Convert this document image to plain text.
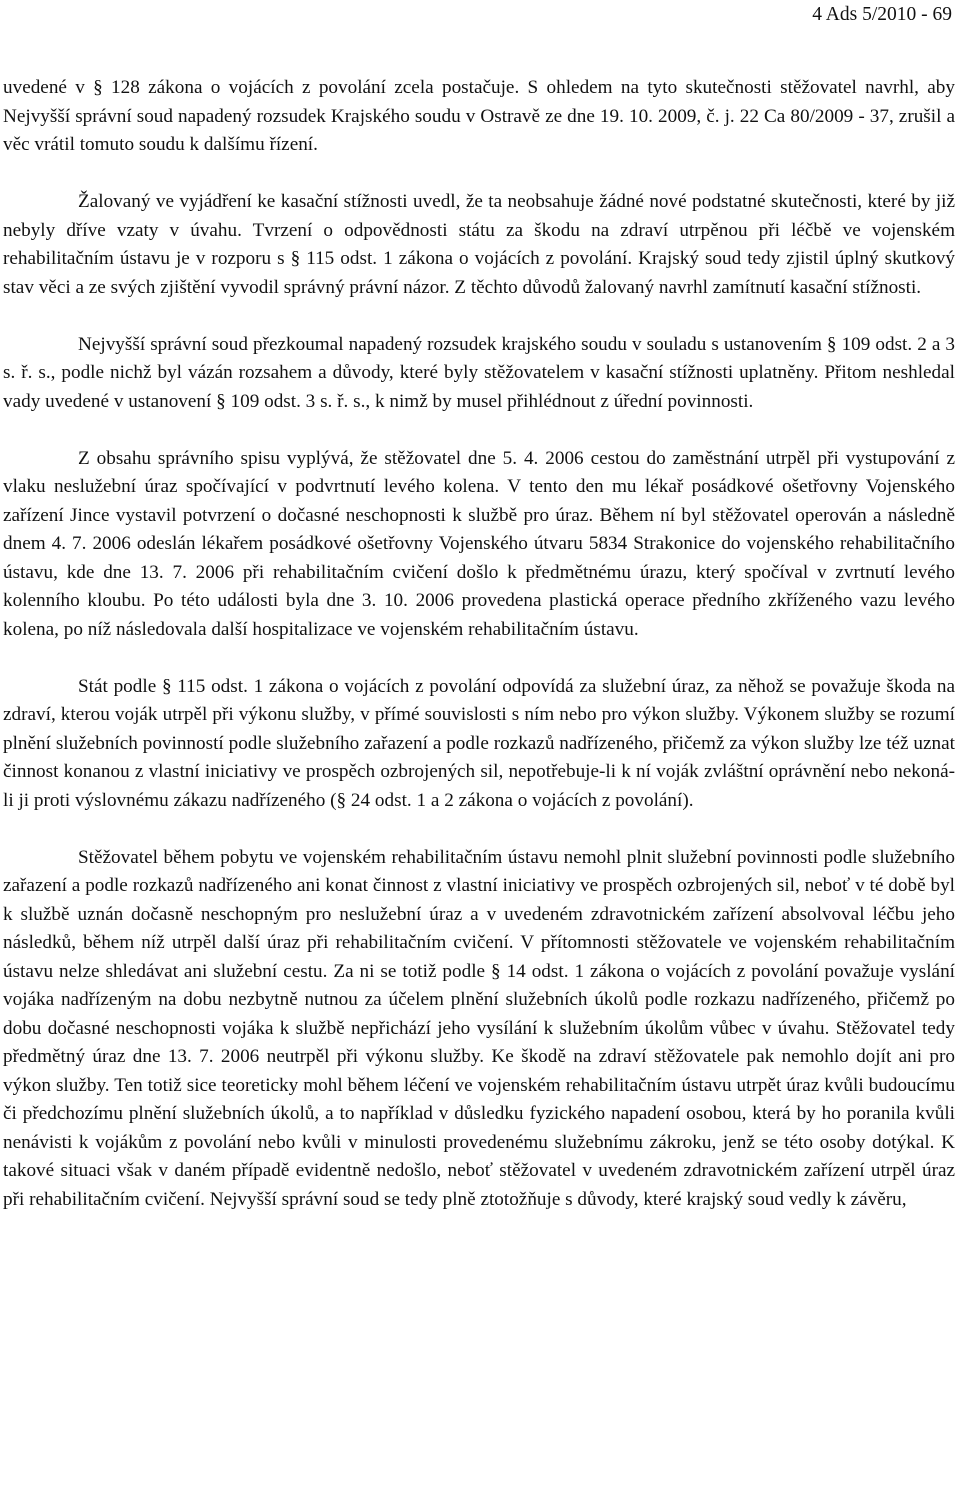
4 Ads 5/2010 - 69

uvedené v § 128 zákona o vojácích z povolání zcela postačuje. S ohledem na tyto skutečnosti stěžovatel navrhl, aby Nejvyšší správní soud napadený rozsudek Krajského soudu v Ostravě ze dne 19. 10. 2009, č. j. 22 Ca 80/2009 - 37, zrušil a věc vrátil tomuto soudu k dalšímu řízení.

Žalovaný ve vyjádření ke kasační stížnosti uvedl, že ta neobsahuje žádné nové podstatné skutečnosti, které by již nebyly dříve vzaty v úvahu. Tvrzení o odpovědnosti státu za škodu na zdraví utrpěnou při léčbě ve vojenském rehabilitačním ústavu je v rozporu s § 115 odst. 1 zákona o vojácích z povolání. Krajský soud tedy zjistil úplný skutkový stav věci a ze svých zjištění vyvodil správný právní názor. Z těchto důvodů žalovaný navrhl zamítnutí kasační stížnosti.

Nejvyšší správní soud přezkoumal napadený rozsudek krajského soudu v souladu s ustanovením § 109 odst. 2 a 3 s. ř. s., podle nichž byl vázán rozsahem a důvody, které byly stěžovatelem v kasační stížnosti uplatněny. Přitom neshledal vady uvedené v ustanovení § 109 odst. 3 s. ř. s., k nimž by musel přihlédnout z úřední povinnosti.

Z obsahu správního spisu vyplývá, že stěžovatel dne 5. 4. 2006 cestou do zaměstnání utrpěl při vystupování z vlaku neslužební úraz spočívající v podvrtnutí levého kolena. V tento den mu lékař posádkové ošetřovny Vojenského zařízení Jince vystavil potvrzení o dočasné neschopnosti k službě pro úraz. Během ní byl stěžovatel operován a následně dnem 4. 7. 2006 odeslán lékařem posádkové ošetřovny Vojenského útvaru 5834 Strakonice do vojenského rehabilitačního ústavu, kde dne 13. 7. 2006 při rehabilitačním cvičení došlo k předmětnému úrazu, který spočíval v zvrtnutí levého kolenního kloubu. Po této události byla dne 3. 10. 2006 provedena plastická operace předního zkříženého vazu levého kolena, po níž následovala další hospitalizace ve vojenském rehabilitačním ústavu.

Stát podle § 115 odst. 1 zákona o vojácích z povolání odpovídá za služební úraz, za něhož se považuje škoda na zdraví, kterou voják utrpěl při výkonu služby, v přímé souvislosti s ním nebo pro výkon služby. Výkonem služby se rozumí plnění služebních povinností podle služebního zařazení a podle rozkazů nadřízeného, přičemž za výkon služby lze též uznat činnost konanou z vlastní iniciativy ve prospěch ozbrojených sil, nepotřebuje-li k ní voják zvláštní oprávnění nebo nekoná-li ji proti výslovnému zákazu nadřízeného (§ 24 odst. 1 a 2 zákona o vojácích z povolání).

Stěžovatel během pobytu ve vojenském rehabilitačním ústavu nemohl plnit služební povinnosti podle služebního zařazení a podle rozkazů nadřízeného ani konat činnost z vlastní iniciativy ve prospěch ozbrojených sil, neboť v té době byl k službě uznán dočasně neschopným pro neslužební úraz a v uvedeném zdravotnickém zařízení absolvoval léčbu jeho následků, během níž utrpěl další úraz při rehabilitačním cvičení. V přítomnosti stěžovatele ve vojenském rehabilitačním ústavu nelze shledávat ani služební cestu. Za ni se totiž podle § 14 odst. 1 zákona o vojácích z povolání považuje vyslání vojáka nadřízeným na dobu nezbytně nutnou za účelem plnění služebních úkolů podle rozkazu nadřízeného, přičemž po dobu dočasné neschopnosti vojáka k službě nepřichází jeho vysílání k služebním úkolům vůbec v úvahu. Stěžovatel tedy předmětný úraz dne 13. 7. 2006 neutrpěl při výkonu služby. Ke škodě na zdraví stěžovatele pak nemohlo dojít ani pro výkon služby. Ten totiž sice teoreticky mohl během léčení ve vojenském rehabilitačním ústavu utrpět úraz kvůli budoucímu či předchozímu plnění služebních úkolů, a to například v důsledku fyzického napadení osobou, která by ho poranila kvůli nenávisti k vojákům z povolání nebo kvůli v minulosti provedenému služebnímu zákroku, jenž se této osoby dotýkal. K takové situaci však v daném případě evidentně nedošlo, neboť stěžovatel v uvedeném zdravotnickém zařízení utrpěl úraz při rehabilitačním cvičení. Nejvyšší správní soud se tedy plně ztotožňuje s důvody, které krajský soud vedly k závěru,
